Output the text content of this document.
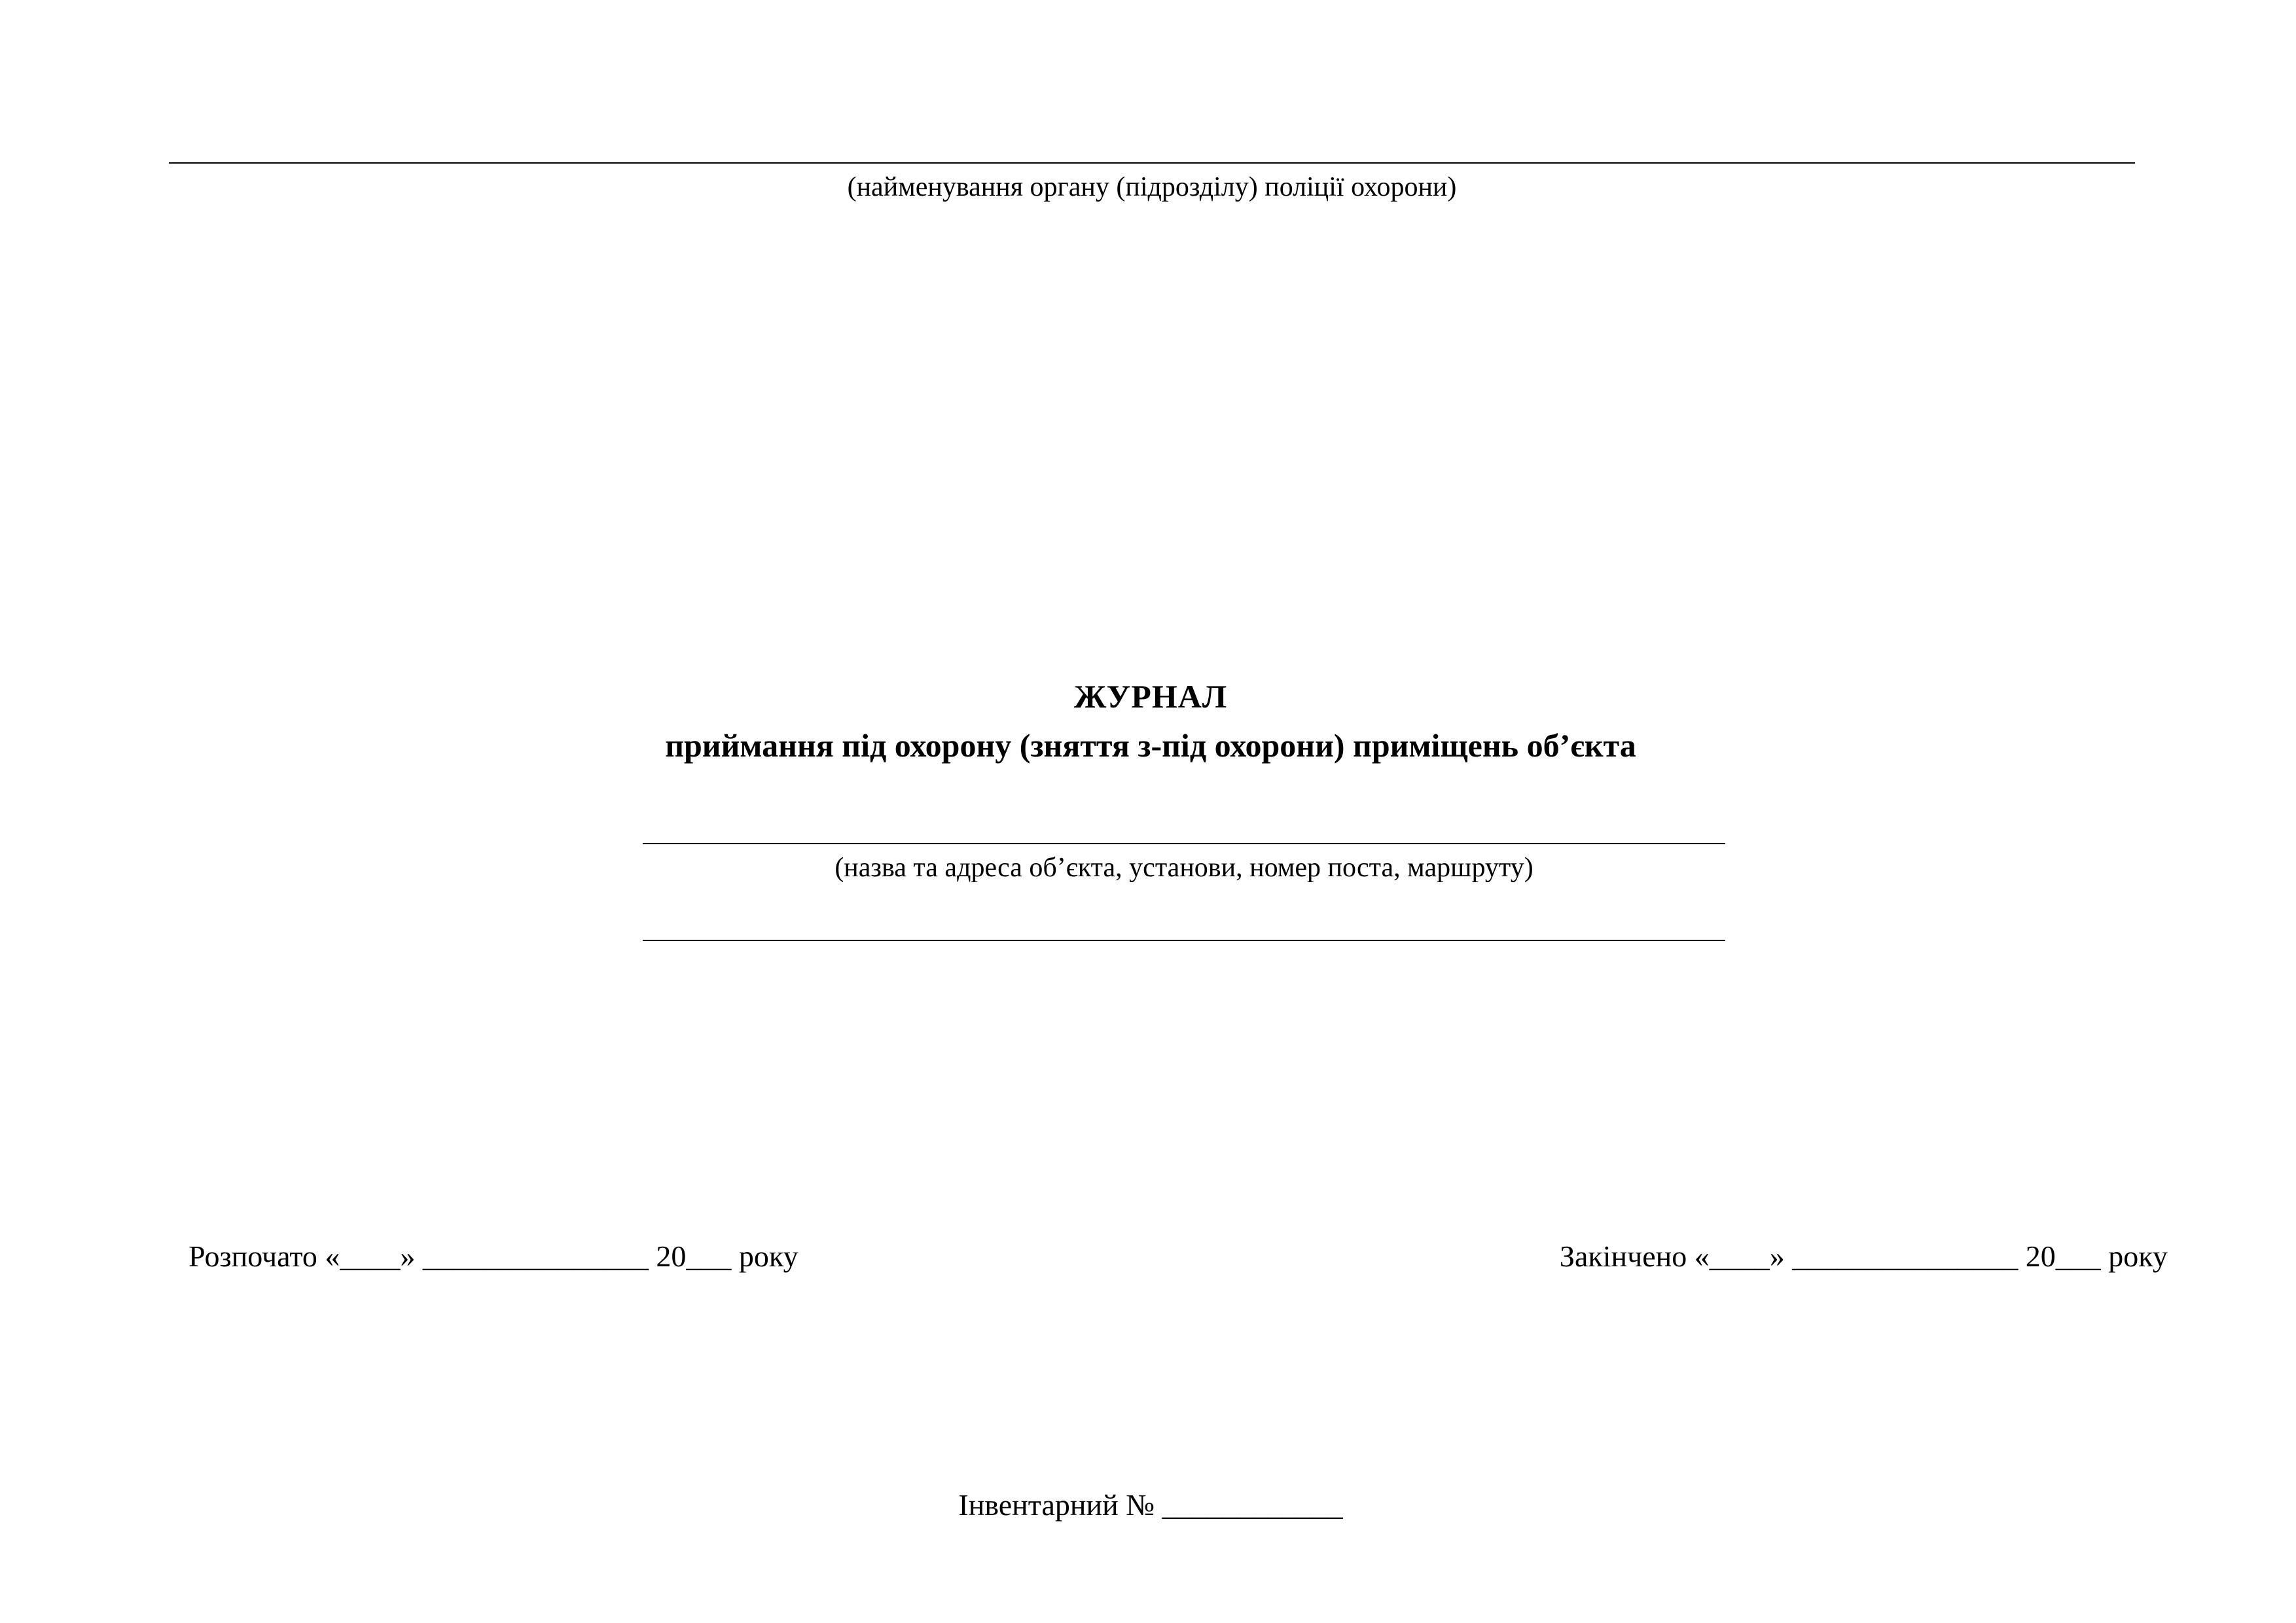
(найменування органу (підрозділу) поліції охорони)
ЖУРНАЛ
приймання під охорону (зняття з-під охорони) приміщень об’єкта
(назва та адреса об’єкта, установи, номер поста, маршруту)
Розпочато «____» _______________ 20___ року	Закінчено «____» _______________ 20___ року
Інвентарний № ____________
